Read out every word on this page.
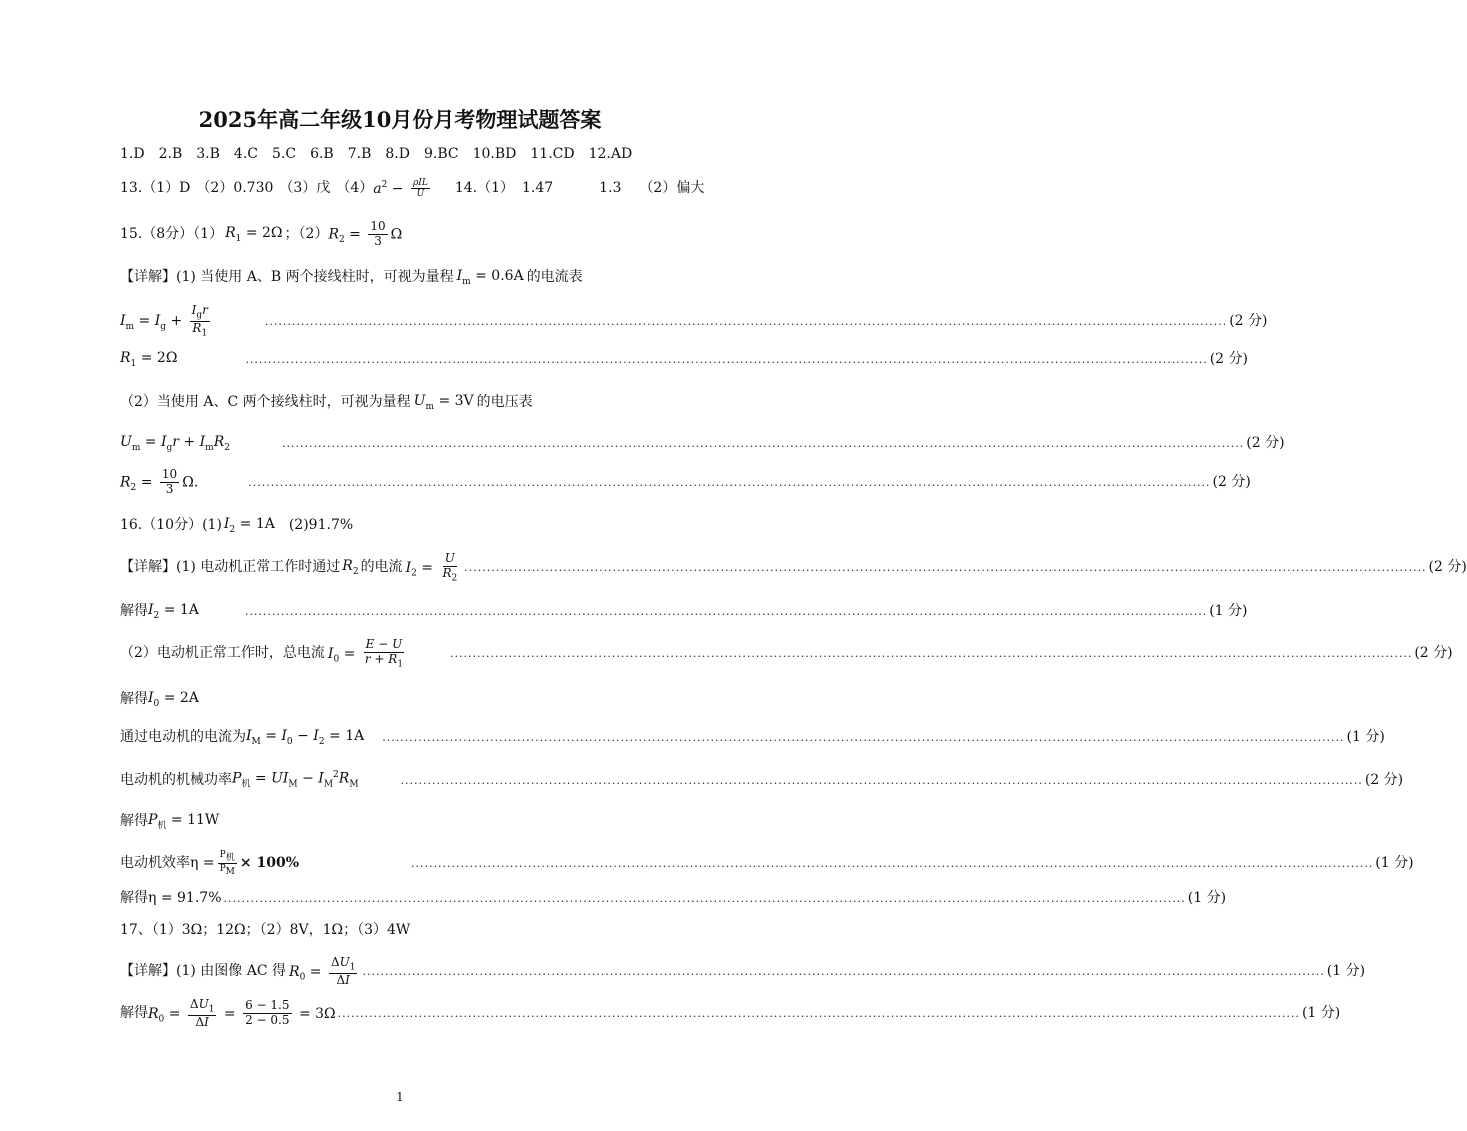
2025年高二年级10月份月考物理试题答案
1.D 2.B 3.B 4.C 5.C 6.B 7.B 8.D 9.BC 10.BD 11.CD 12.AD
13. （1）D （2）0.730 （3）戊 （4） $a^2 - \frac{\text{ρIL}}{U} 14$. （1） 1.47	1.3 （2）偏大
15.（8分）（1） $R_1 = 2\Omega$ ；（2） $R_2 = \frac{10}{3}$ Ω
【详解】(1) 当使用 A、B 两个接线柱时，可视为量程 $I_m = 0.6A$ 的电流表
$I_m = I_g + \frac{I_gr}{R_1}$	...................................................................................................................................................................................................................... (2 分)
$R_1 = 2\Omega$	...................................................................................................................................................................................................................... (2 分)
（2）当使用 A、C 两个接线柱时，可视为量程 $U_m = 3V$ 的电压表
$U_m = I_gr + I_mR_2$	...................................................................................................................................................................................................................... (2 分)
$R_2 = \frac{10}{3} \Omega$.	...................................................................................................................................................................................................................... (2 分)
16.（10分）(1) $I_2 = 1A$ (2)91.7%
【详解】(1) 电动机正常工作时通过 $R_2$ 的电流 $I_2 = \frac{U}{R_2}$ ...................................................................................................................................................................................................................... (2 分)
解得 $I_2 = 1A$	...................................................................................................................................................................................................................... (1 分)
（2）电动机正常工作时，总电流 $I_0 = \frac{E - U}{r + R_1}$	...................................................................................................................................................................................................................... (2 分)
解得 $I_0 = 2A$
通过电动机的电流为 $I_M = I_0 - I_2 = 1A$ ...................................................................................................................................................................................................................... (1 分)
电动机的机械功率 $P_机 = UI_M - I_M^2R_M$	...................................................................................................................................................................................................................... (2 分)
解得 $P_机 = 11W$
电动机效率$\eta = \frac{P_机}{P_M} \times 100\%$	...................................................................................................................................................................................................................... (1 分)
解得η = 91.7% ...................................................................................................................................................................................................................... (1 分)
17、（1）3Ω；12Ω；（2）8V，1Ω；（3）4W
【详解】(1) 由图像 AC 得 $R_0 = \frac{\Delta U_1}{\Delta I}$ ...................................................................................................................................................................................................................... (1 分)
解得 $R_0 = \frac{\Delta U_1}{\Delta I} = \frac{6 - 1.5}{2 - 0.5} = 3\Omega$ ...................................................................................................................................................................................................................... (1 分)
1
